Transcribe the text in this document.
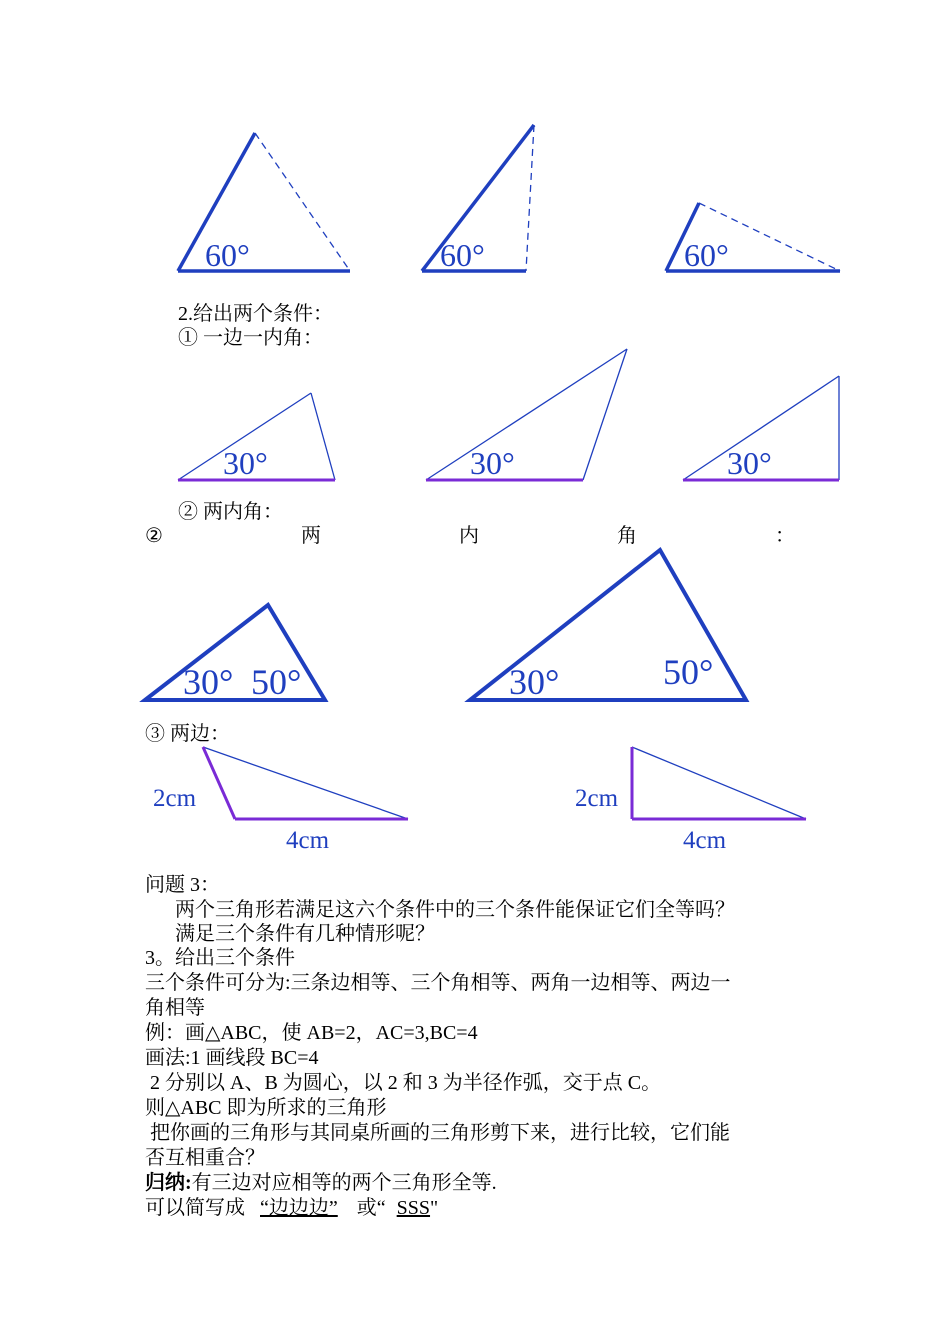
60°	60°	60°
30°	30°	30°
30° 50°	30°	50°
2cm
4cm
2cm
4cm
2.给出两个条件：
① 一边一内角：
② 两内角：
②	两	内	角	：
③ 两边：
问题 3：
两个三角形若满足这六个条件中的三个条件能保证它们全等吗？
满足三个条件有几种情形呢？
3。给出三个条件
三个条件可分为:三条边相等、三个角相等、两角一边相等、两边一
角相等
例：画△ABC，使 AB=2，AC=3,BC=4
画法:1 画线段 BC=4
2 分别以 A、B 为圆心，以 2 和 3 为半径作弧，交于点 C。
则△ABC 即为所求的三角形
把你画的三角形与其同桌所画的三角形剪下来，进行比较，它们能
否互相重合？
归纳:有三边对应相等的两个三角形全等.
可以简写成 “边边边” 或“ SSS"
